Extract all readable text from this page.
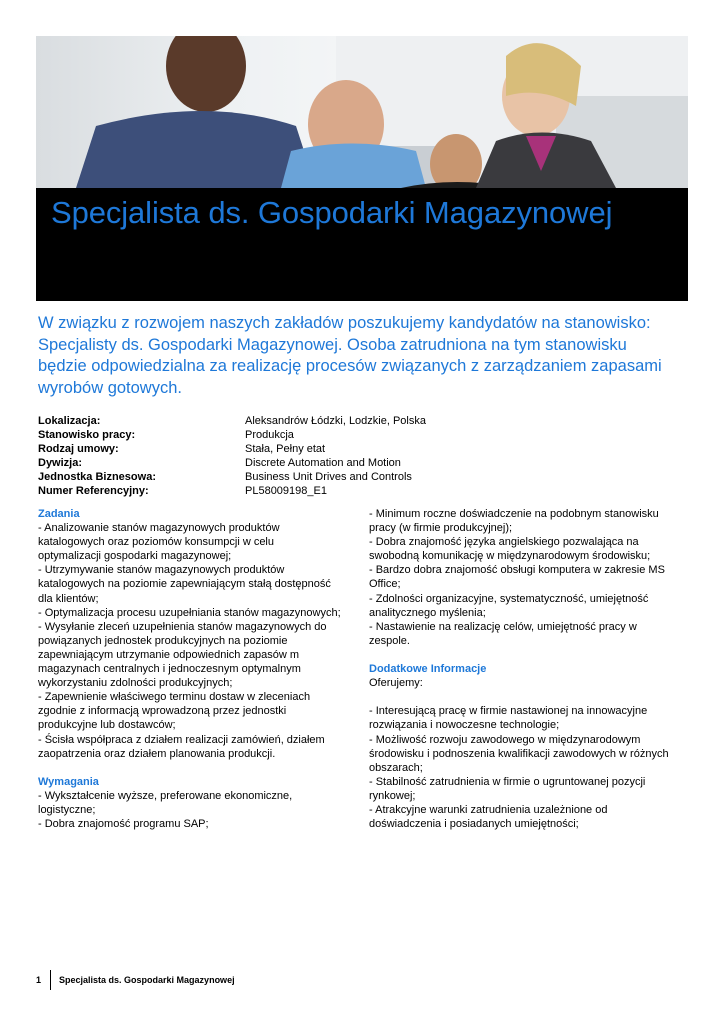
Specjalista ds. Gospodarki Magazynowej
W związku z rozwojem naszych zakładów poszukujemy kandydatów na stanowisko: Specjalisty ds. Gospodarki Magazynowej. Osoba zatrudniona na tym stanowisku będzie odpowiedzialna za realizację procesów związanych z zarządzaniem zapasami wyrobów gotowych.
Lokalizacja:	Aleksandrów Łódzki, Lodzkie, Polska
Stanowisko pracy:	Produkcja
Rodzaj umowy:	Stała, Pełny etat
Dywizja:	Discrete Automation and Motion
Jednostka Biznesowa:	Business Unit Drives and Controls
Numer Referencyjny:	PL58009198_E1
Zadania
- Analizowanie stanów magazynowych produktów
katalogowych oraz poziomów konsumpcji w celu
optymalizacji gospodarki magazynowej;
- Utrzymywanie stanów magazynowych produktów
katalogowych na poziomie zapewniającym stałą dostępność
dla klientów;
- Optymalizacja procesu uzupełniania stanów magazynowych;
- Wysyłanie zleceń uzupełnienia stanów magazynowych do
powiązanych jednostek produkcyjnych na poziomie
zapewniającym utrzymanie odpowiednich zapasów m
magazynach centralnych i jednoczesnym optymalnym
wykorzystaniu zdolności produkcyjnych;
- Zapewnienie właściwego terminu dostaw w zleceniach
zgodnie z informacją wprowadzoną przez jednostki
produkcyjne lub dostawców;
- Ścisła współpraca z działem realizacji zamówień, działem
zaopatrzenia oraz działem planowania produkcji.
Wymagania
- Wykształcenie wyższe, preferowane ekonomiczne,
logistyczne;
- Dobra znajomość programu SAP;
- Minimum roczne doświadczenie na podobnym stanowisku
pracy (w firmie produkcyjnej);
- Dobra znajomość języka angielskiego pozwalająca na
swobodną komunikację w międzynarodowym środowisku;
- Bardzo dobra znajomość obsługi komputera w zakresie MS
Office;
- Zdolności organizacyjne, systematyczność, umiejętność
analitycznego myślenia;
- Nastawienie na realizację celów, umiejętność pracy w
zespole.
Dodatkowe Informacje
Oferujemy:
- Interesującą pracę w firmie nastawionej na innowacyjne
rozwiązania i nowoczesne technologie;
- Możliwość rozwoju zawodowego w międzynarodowym
środowisku i podnoszenia kwalifikacji zawodowych w różnych
obszarach;
- Stabilność zatrudnienia w firmie o ugruntowanej pozycji
rynkowej;
- Atrakcyjne warunki zatrudnienia uzależnione od
doświadczenia i posiadanych umiejętności;
1 Specjalista ds. Gospodarki Magazynowej
